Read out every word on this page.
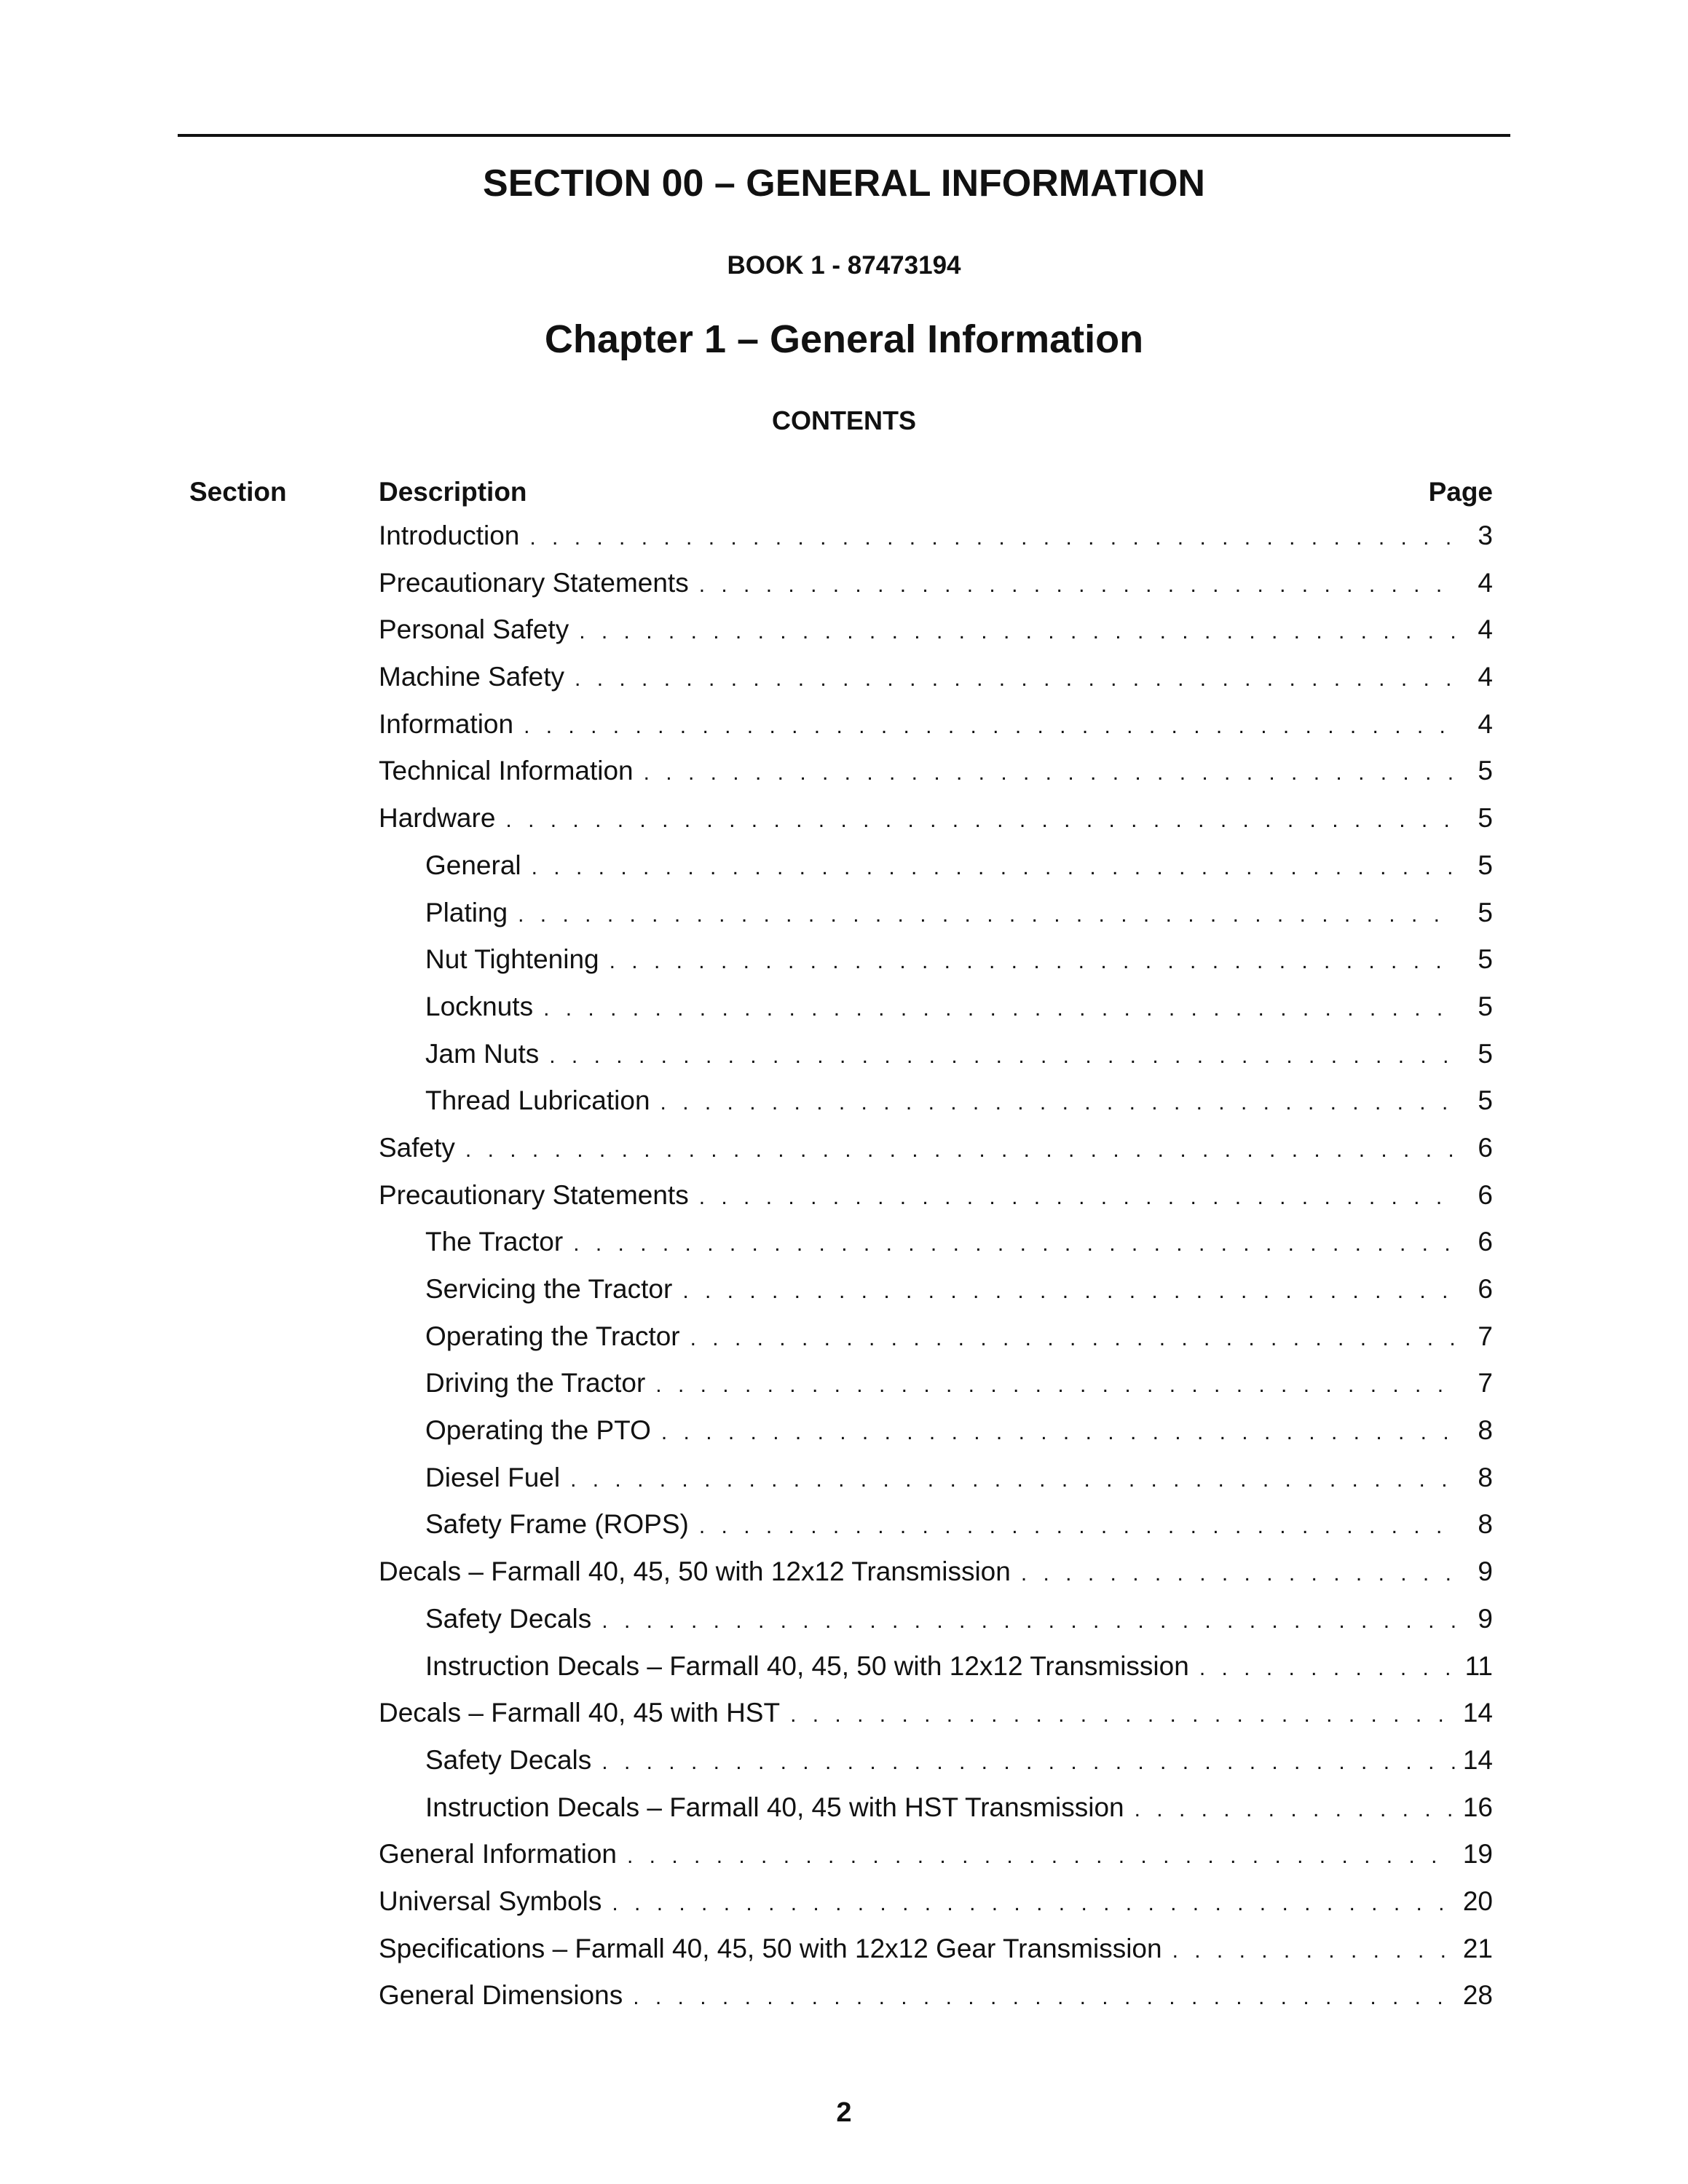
SECTION 00 – GENERAL INFORMATION
BOOK 1 - 87473194
Chapter 1 – General Information
CONTENTS
Section	Description	Page
Introduction . . .	3
Precautionary Statements . . .	4
Personal Safety . . .	4
Machine Safety . . .	4
Information . . .	4
Technical Information . . .	5
Hardware . . .	5
General . . .	5
Plating . . .	5
Nut Tightening . . .	5
Locknuts . . .	5
Jam Nuts . . .	5
Thread Lubrication . . .	5
Safety . . .	6
Precautionary Statements . . .	6
The Tractor . . .	6
Servicing the Tractor . . .	6
Operating the Tractor . . .	7
Driving the Tractor . . .	7
Operating the PTO . . .	8
Diesel Fuel . . .	8
Safety Frame (ROPS) . . .	8
Decals – Farmall 40, 45, 50 with 12x12 Transmission . . .	9
Safety Decals . . .	9
Instruction Decals – Farmall 40, 45, 50 with 12x12 Transmission . . .	11
Decals – Farmall 40, 45 with HST . . .	14
Safety Decals . . .	14
Instruction Decals – Farmall 40, 45 with HST Transmission . . .	16
General Information . . .	19
Universal Symbols . . .	20
Specifications – Farmall 40, 45, 50 with 12x12 Gear Transmission . . .	21
General Dimensions . . .	28
2
